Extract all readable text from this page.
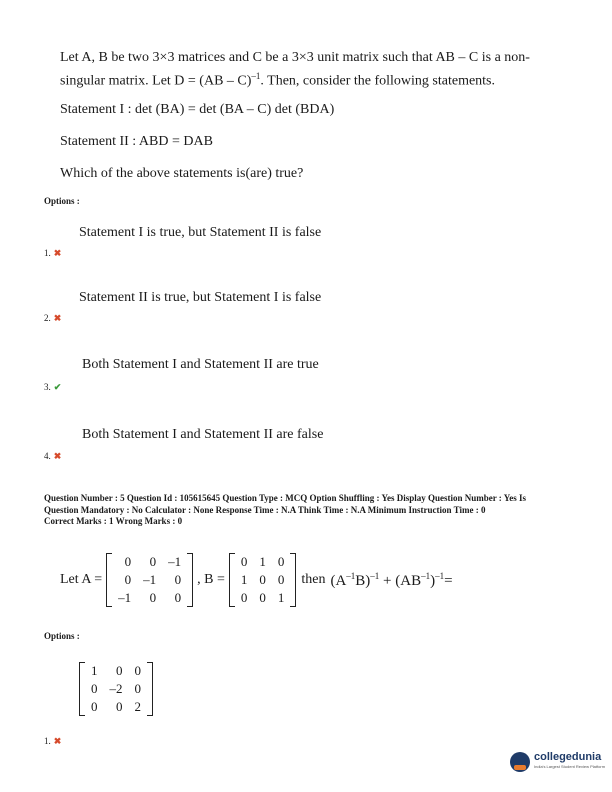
Let A, B be two 3×3 matrices and C be a 3×3 unit matrix such that AB – C is a non-
singular matrix. Let D = (AB – C)$^{-1}$. Then, consider the following statements.
Statement I : det (BA) = det (BA – C) det (BDA)
Statement II : ABD = DAB
Which of the above statements is(are) true?
Options :
Statement I is true, but Statement II is false
1. ✖
Statement II is true, but Statement I is false
2. ✖
Both Statement I and Statement II are true
3. ✔
Both Statement I and Statement II are false
4. ✖
Question Number : 5 Question Id : 105615645 Question Type : MCQ Option Shuffling : Yes Display Question Number : Yes Is
Question Mandatory : No Calculator : None Response Time : N.A Think Time : N.A Minimum Instruction Time : 0
Correct Marks : 1 Wrong Marks : 0
Let A =
0	0	–1
0	–1	0
–1	0	0
, B =
0	1	0
1	0	0
0	0	1
then $(A^{-1}B)^{-1} + (AB^{-1})^{-1}=$
Options :
1	0	0
0	–2	0
0	0	2
1. ✖
collegedunia
India's Largest Student Review Platform
